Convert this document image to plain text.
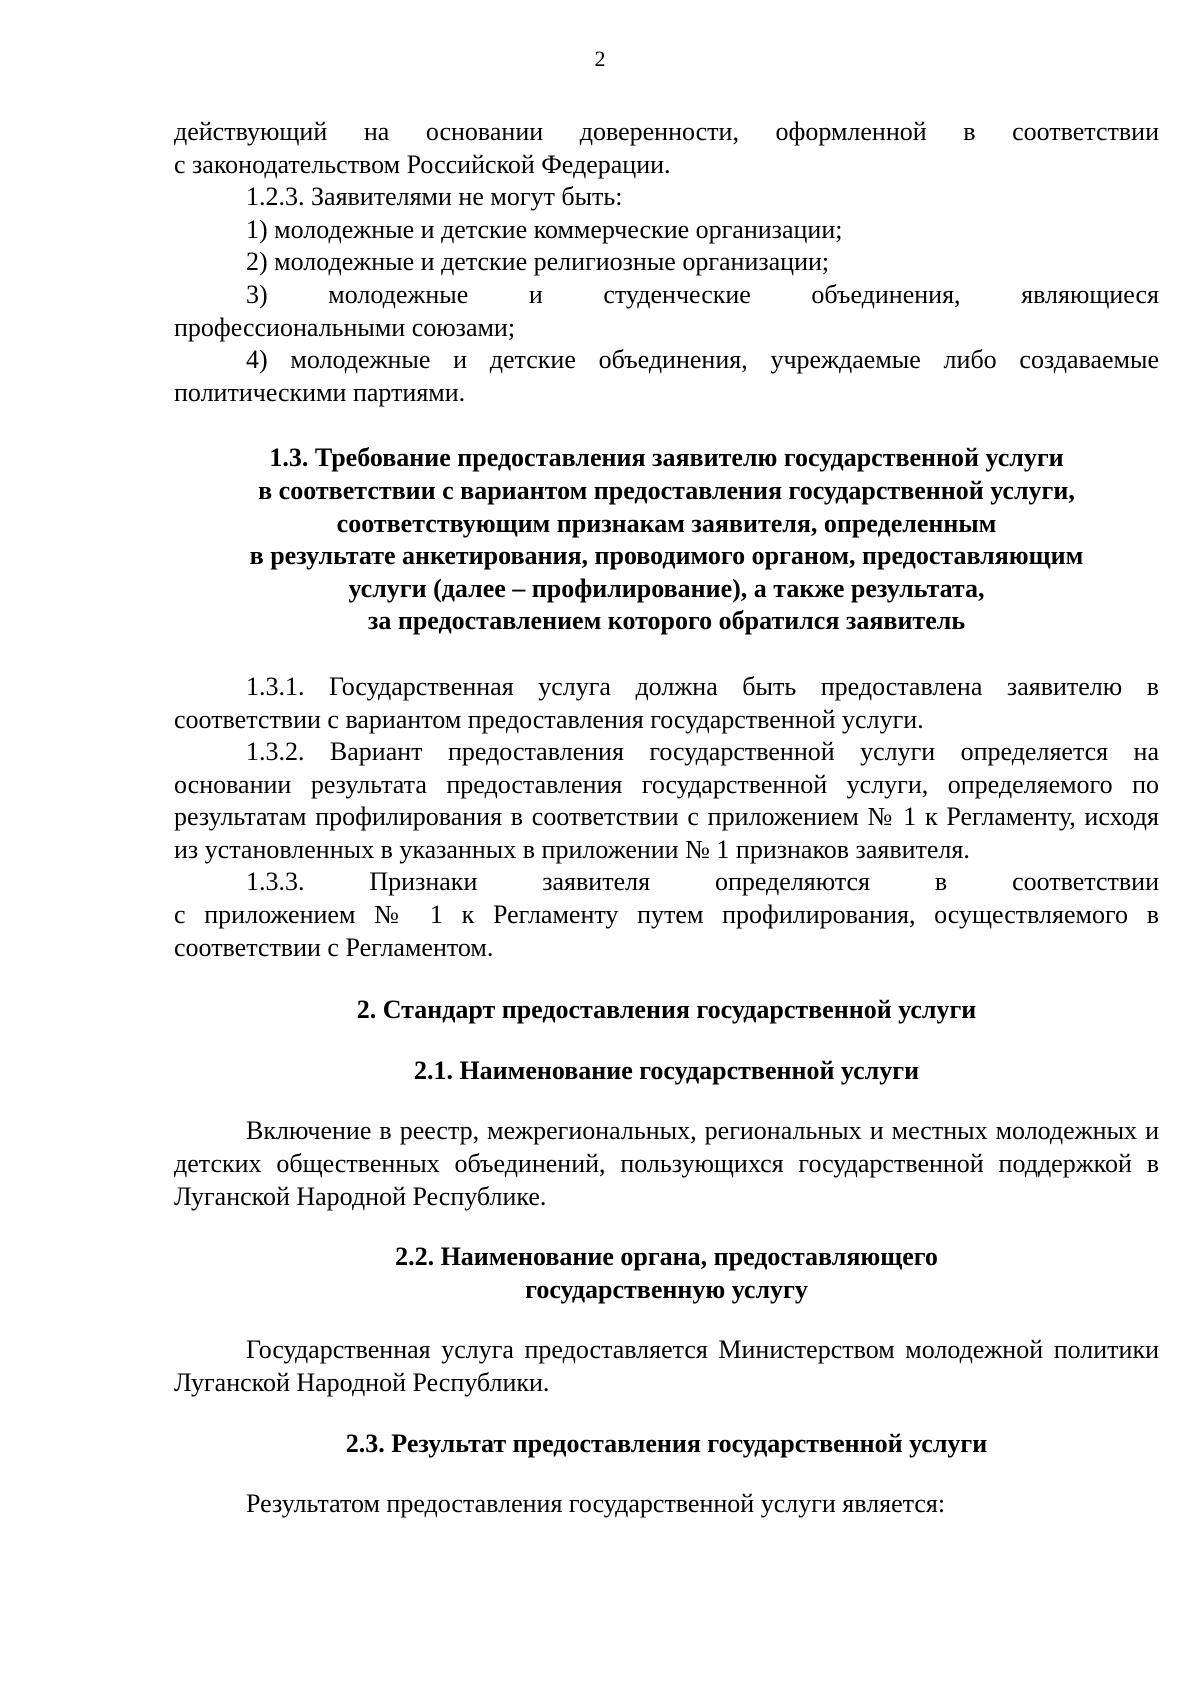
2

действующий на основании доверенности, оформленной в соответствии

с законодательством Российской Федерации.

1.2.3. Заявителями не могут быть:

1) молодежные и детские коммерческие организации;

2) молодежные и детские религиозные организации;

3) молодежные и студенческие объединения, являющиеся

профессиональными союзами;

4) молодежные и детские объединения, учреждаемые либо создаваемые политическими партиями.

1.3. Требование предоставления заявителю государственной услуги
в соответствии с вариантом предоставления государственной услуги,
соответствующим признакам заявителя, определенным
в результате анкетирования, проводимого органом, предоставляющим
услуги (далее – профилирование), а также результата,
за предоставлением которого обратился заявитель

1.3.1. Государственная услуга должна быть предоставлена заявителю в соответствии с вариантом предоставления государственной услуги.

1.3.2. Вариант предоставления государственной услуги определяется на основании результата предоставления государственной услуги, определяемого по результатам профилирования в соответствии с приложением № 1 к Регламенту, исходя из установленных в указанных в приложении № 1 признаков заявителя.

1.3.3. Признаки заявителя определяются в соответствии

с приложением № 1 к Регламенту путем профилирования, осуществляемого в соответствии с Регламентом.

2. Стандарт предоставления государственной услуги
2.1. Наименование государственной услуги

Включение в реестр, межрегиональных, региональных и местных молодежных и детских общественных объединений, пользующихся государственной поддержкой в Луганской Народной Республике.

2.2. Наименование органа, предоставляющего
государственную услугу

Государственная услуга предоставляется Министерством молодежной политики Луганской Народной Республики.

2.3. Результат предоставления государственной услуги

Результатом предоставления государственной услуги является:
